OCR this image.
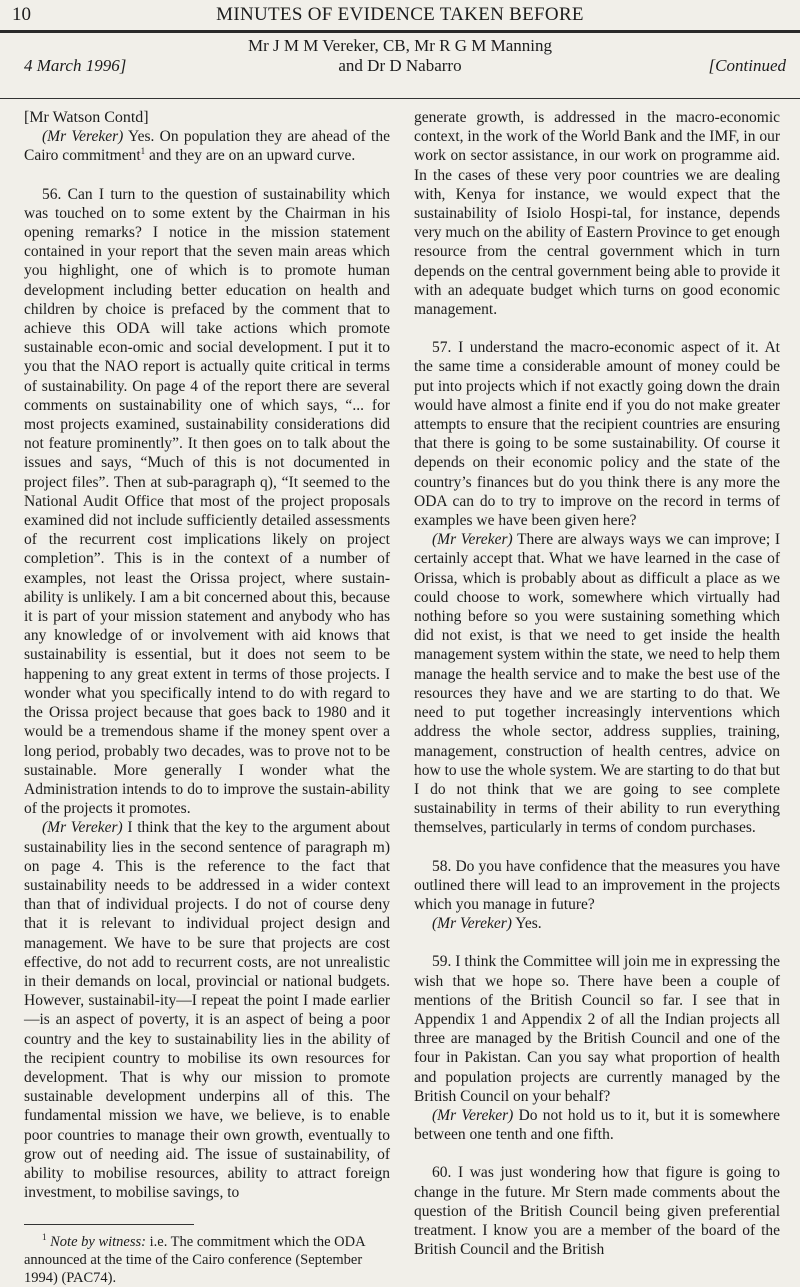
10	MINUTES OF EVIDENCE TAKEN BEFORE
4 March 1996]
Mr J M M Vereker, CB, Mr R G M Manning
and Dr D Nabarro	[Continued

[Mr Watson Contd]

(Mr Vereker) Yes. On population they are ahead of the Cairo commitment$^1$ and they are on an upward curve.

56. Can I turn to the question of sustainability which was touched on to some extent by the Chairman in his opening remarks? I notice in the mission statement contained in your report that the seven main areas which you highlight, one of which is to promote human development including better education on health and children by choice is prefaced by the comment that to achieve this ODA will take actions which promote sustainable econ-omic and social development. I put it to you that the NAO report is actually quite critical in terms of sustainability. On page 4 of the report there are several comments on sustainability one of which says, “... for most projects examined, sustainability considerations did not feature prominently”. It then goes on to talk about the issues and says, “Much of this is not documented in project files”. Then at sub-paragraph q), “It seemed to the National Audit Office that most of the project proposals examined did not include sufficiently detailed assessments of the recurrent cost implications likely on project completion”. This is in the context of a number of examples, not least the Orissa project, where sustain-ability is unlikely. I am a bit concerned about this, because it is part of your mission statement and anybody who has any knowledge of or involvement with aid knows that sustainability is essential, but it does not seem to be happening to any great extent in terms of those projects. I wonder what you specifically intend to do with regard to the Orissa project because that goes back to 1980 and it would be a tremendous shame if the money spent over a long period, probably two decades, was to prove not to be sustainable. More generally I wonder what the Administration intends to do to improve the sustain-ability of the projects it promotes.

(Mr Vereker) I think that the key to the argument about sustainability lies in the second sentence of paragraph m) on page 4. This is the reference to the fact that sustainability needs to be addressed in a wider context than that of individual projects. I do not of course deny that it is relevant to individual project design and management. We have to be sure that projects are cost effective, do not add to recurrent costs, are not unrealistic in their demands on local, provincial or national budgets. However, sustainabil-ity—I repeat the point I made earlier—is an aspect of poverty, it is an aspect of being a poor country and the key to sustainability lies in the ability of the recipient country to mobilise its own resources for development. That is why our mission to promote sustainable development underpins all of this. The fundamental mission we have, we believe, is to enable poor countries to manage their own growth, eventually to grow out of needing aid. The issue of sustainability, of ability to mobilise resources, ability to attract foreign investment, to mobilise savings, to

$^1$ Note by witness: i.e. The commitment which the ODA announced at the time of the Cairo conference (September 1994) (PAC74).

generate growth, is addressed in the macro-economic context, in the work of the World Bank and the IMF, in our work on sector assistance, in our work on programme aid. In the cases of these very poor countries we are dealing with, Kenya for instance, we would expect that the sustainability of Isiolo Hospi-tal, for instance, depends very much on the ability of Eastern Province to get enough resource from the central government which in turn depends on the central government being able to provide it with an adequate budget which turns on good economic management.

57. I understand the macro-economic aspect of it. At the same time a considerable amount of money could be put into projects which if not exactly going down the drain would have almost a finite end if you do not make greater attempts to ensure that the recipient countries are ensuring that there is going to be some sustainability. Of course it depends on their economic policy and the state of the country’s finances but do you think there is any more the ODA can do to try to improve on the record in terms of examples we have been given here?

(Mr Vereker) There are always ways we can improve; I certainly accept that. What we have learned in the case of Orissa, which is probably about as difficult a place as we could choose to work, somewhere which virtually had nothing before so you were sustaining something which did not exist, is that we need to get inside the health management system within the state, we need to help them manage the health service and to make the best use of the resources they have and we are starting to do that. We need to put together increasingly interventions which address the whole sector, address supplies, training, management, construction of health centres, advice on how to use the whole system. We are starting to do that but I do not think that we are going to see complete sustainability in terms of their ability to run everything themselves, particularly in terms of condom purchases.

58. Do you have confidence that the measures you have outlined there will lead to an improvement in the projects which you manage in future?

(Mr Vereker) Yes.

59. I think the Committee will join me in expressing the wish that we hope so. There have been a couple of mentions of the British Council so far. I see that in Appendix 1 and Appendix 2 of all the Indian projects all three are managed by the British Council and one of the four in Pakistan. Can you say what proportion of health and population projects are currently managed by the British Council on your behalf?

(Mr Vereker) Do not hold us to it, but it is somewhere between one tenth and one fifth.

60. I was just wondering how that figure is going to change in the future. Mr Stern made comments about the question of the British Council being given preferential treatment. I know you are a member of the board of the British Council and the British
